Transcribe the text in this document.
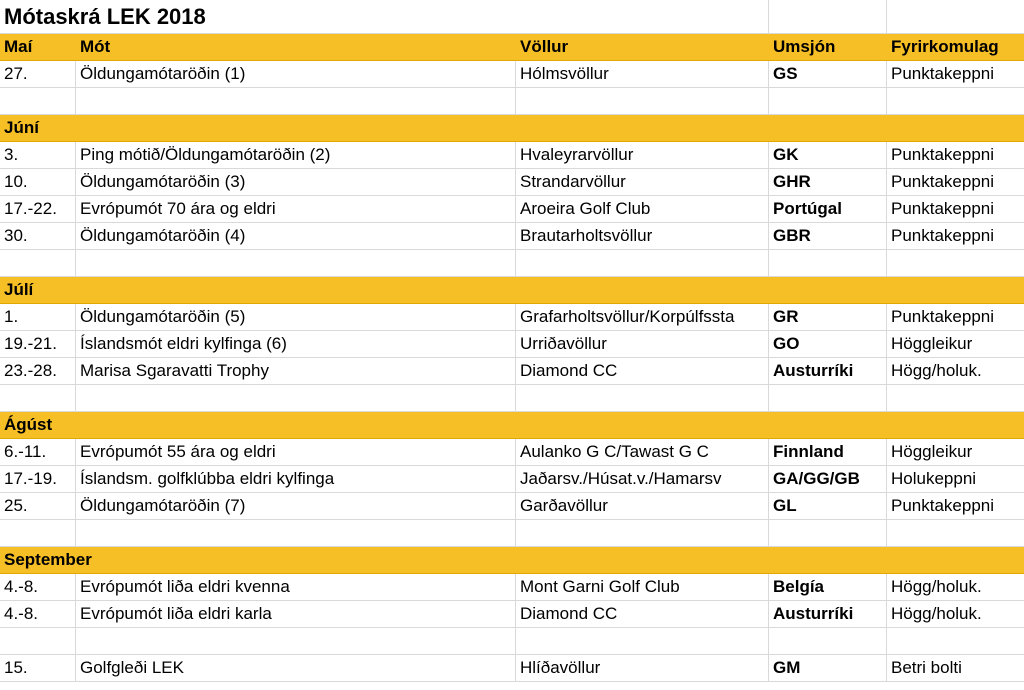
Mótaskrá LEK 2018
Maí	Mót	Völlur	Umsjón	Fyrirkomulag
27.	Öldungamótaröðin (1)	Hólmsvöllur	GS	Punktakeppni
Júní
3.	Ping mótið/Öldungamótaröðin (2)	Hvaleyrarvöllur	GK	Punktakeppni
10.	Öldungamótaröðin (3)	Strandarvöllur	GHR	Punktakeppni
17.-22.	Evrópumót 70 ára og eldri	Aroeira Golf Club	Portúgal	Punktakeppni
30.	Öldungamótaröðin (4)	Brautarholtsvöllur	GBR	Punktakeppni
Júlí
1.	Öldungamótaröðin (5)	Grafarholtsvöllur/Korpúlfssta	GR	Punktakeppni
19.-21.	Íslandsmót eldri kylfinga (6)	Urriðavöllur	GO	Höggleikur
23.-28.	Marisa Sgaravatti Trophy	Diamond CC	Austurríki	Högg/holuk.
Ágúst
6.-11.	Evrópumót 55 ára og eldri	Aulanko G C/Tawast G C	Finnland	Höggleikur
17.-19.	Íslandsm. golfklúbba eldri kylfinga	Jaðarsv./Húsat.v./Hamarsv	GA/GG/GB	Holukeppni
25.	Öldungamótaröðin (7)	Garðavöllur	GL	Punktakeppni
September
4.-8.	Evrópumót liða eldri kvenna	Mont Garni Golf Club	Belgía	Högg/holuk.
4.-8.	Evrópumót liða eldri karla	Diamond CC	Austurríki	Högg/holuk.
15.	Golfgleði LEK	Hlíðavöllur	GM	Betri bolti
